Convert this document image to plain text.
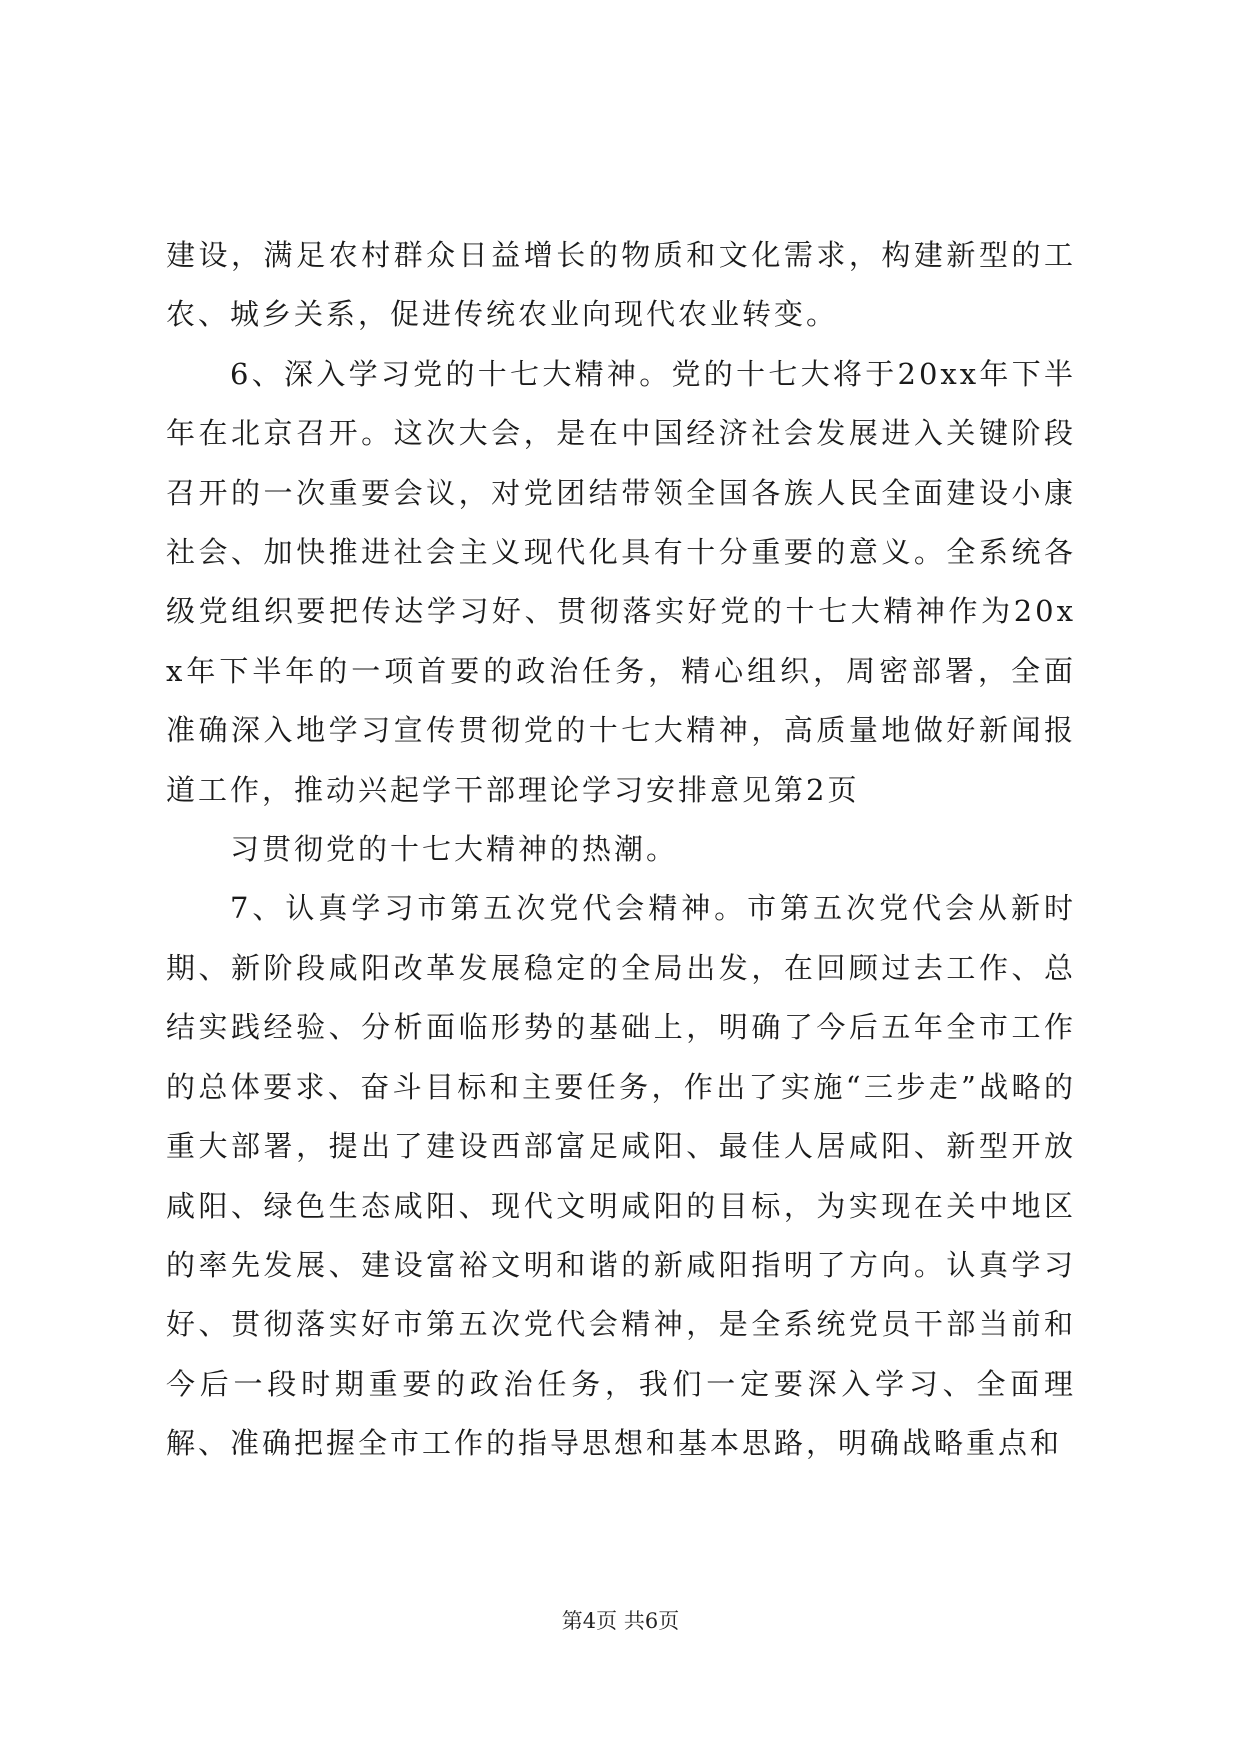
建设，满足农村群众日益增长的物质和文化需求，构建新型的工农、城乡关系，促进传统农业向现代农业转变。

6、深入学习党的十七大精神。党的十七大将于20xx年下半年在北京召开。这次大会，是在中国经济社会发展进入关键阶段召开的一次重要会议，对党团结带领全国各族人民全面建设小康社会、加快推进社会主义现代化具有十分重要的意义。全系统各级党组织要把传达学习好、贯彻落实好党的十七大精神作为20xx年下半年的一项首要的政治任务，精心组织，周密部署，全面准确深入地学习宣传贯彻党的十七大精神，高质量地做好新闻报道工作，推动兴起学干部理论学习安排意见第2页

习贯彻党的十七大精神的热潮。

7、认真学习市第五次党代会精神。市第五次党代会从新时期、新阶段咸阳改革发展稳定的全局出发，在回顾过去工作、总结实践经验、分析面临形势的基础上，明确了今后五年全市工作的总体要求、奋斗目标和主要任务，作出了实施“三步走”战略的重大部署，提出了建设西部富足咸阳、最佳人居咸阳、新型开放咸阳、绿色生态咸阳、现代文明咸阳的目标，为实现在关中地区的率先发展、建设富裕文明和谐的新咸阳指明了方向。认真学习好、贯彻落实好市第五次党代会精神，是全系统党员干部当前和今后一段时期重要的政治任务，我们一定要深入学习、全面理解、准确把握全市工作的指导思想和基本思路，明确战略重点和

第4页 共6页
